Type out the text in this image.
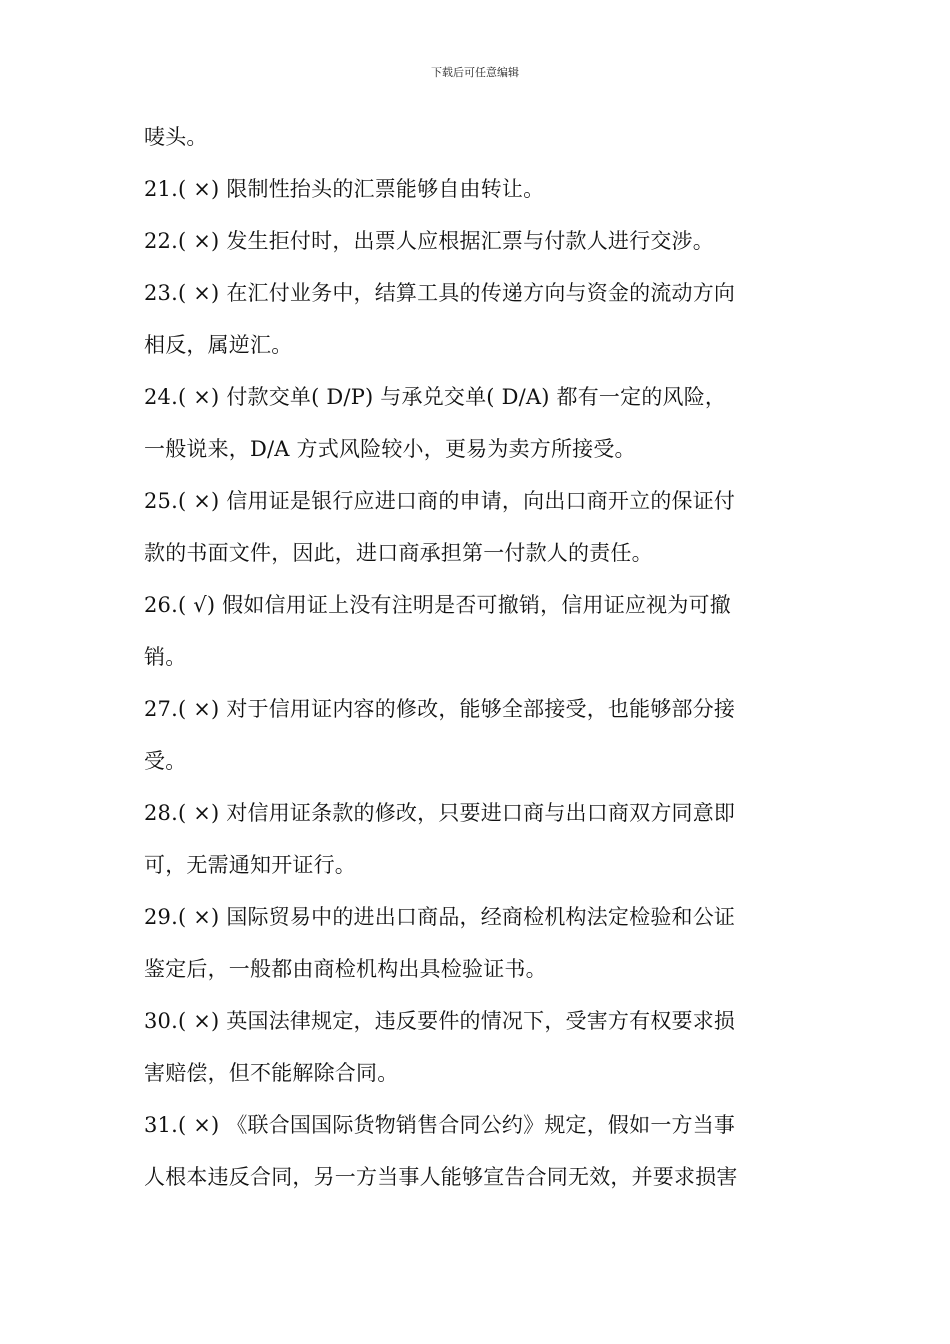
下载后可任意编辑
唛头。
21.( ×) 限制性抬头的汇票能够自由转让。
22.( ×) 发生拒付时，出票人应根据汇票与付款人进行交涉。
23.( ×) 在汇付业务中，结算工具的传递方向与资金的流动方向
相反，属逆汇。
24.( ×) 付款交单( D/P) 与承兑交单( D/A) 都有一定的风险，
一般说来，D/A 方式风险较小，更易为卖方所接受。
25.( ×) 信用证是银行应进口商的申请，向出口商开立的保证付
款的书面文件，因此，进口商承担第一付款人的责任。
26.( √) 假如信用证上没有注明是否可撤销，信用证应视为可撤
销。
27.( ×) 对于信用证内容的修改，能够全部接受，也能够部分接
受。
28.( ×) 对信用证条款的修改，只要进口商与出口商双方同意即
可，无需通知开证行。
29.( ×) 国际贸易中的进出口商品，经商检机构法定检验和公证
鉴定后，一般都由商检机构出具检验证书。
30.( ×) 英国法律规定，违反要件的情况下，受害方有权要求损
害赔偿，但不能解除合同。
31.( ×) 《联合国国际货物销售合同公约》规定，假如一方当事
人根本违反合同，另一方当事人能够宣告合同无效，并要求损害
